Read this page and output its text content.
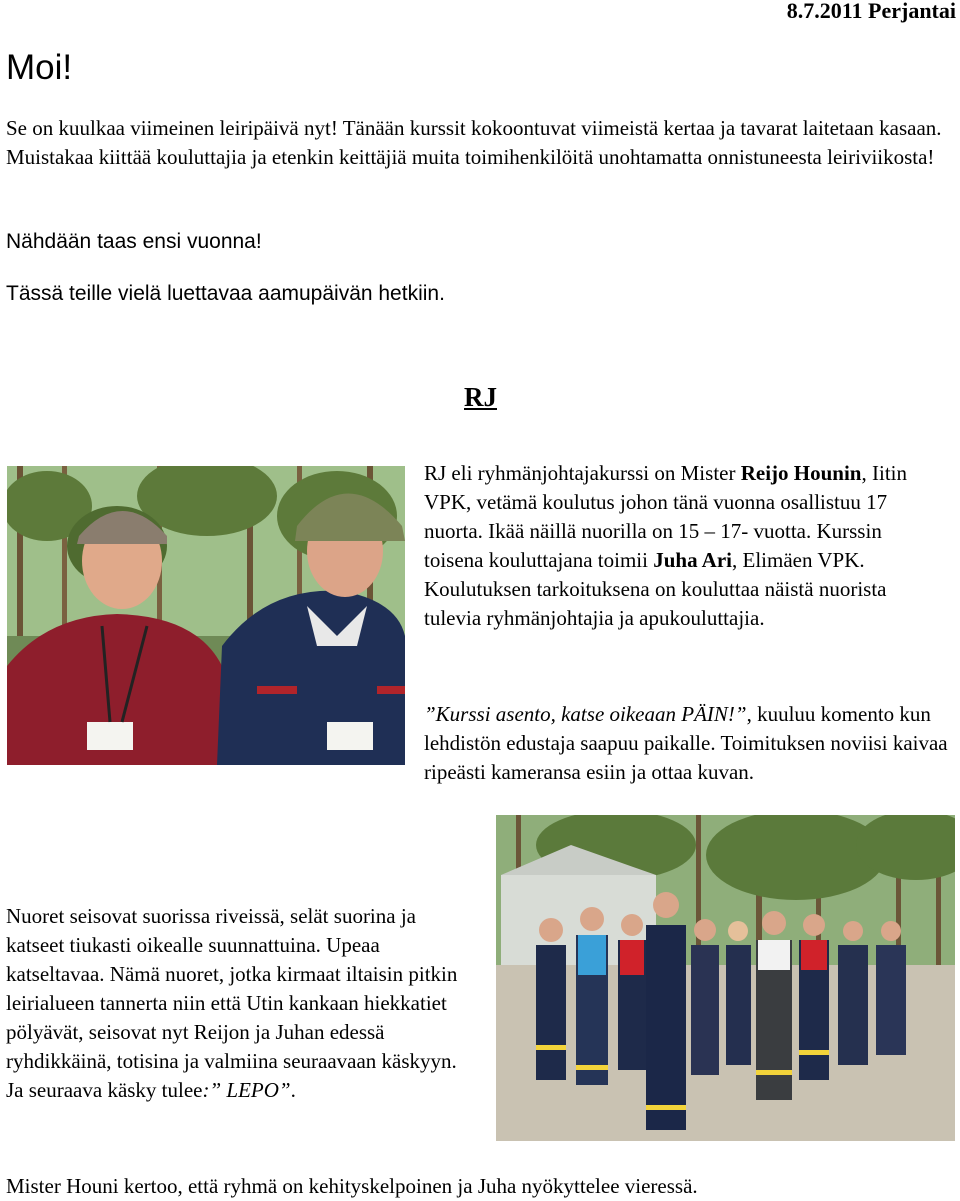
8.7.2011 Perjantai
Moi!

Se on kuulkaa viimeinen leiripäivä nyt! Tänään kurssit kokoontuvat viimeistä kertaa ja tavarat laitetaan kasaan. Muistakaa kiittää kouluttajia ja etenkin keittäjiä muita toimihenkilöitä unohtamatta onnistuneesta leiriviikosta!

Nähdään taas ensi vuonna!

Tässä teille vielä luettavaa aamupäivän hetkiin.

RJ

RJ eli ryhmänjohtajakurssi on Mister Reijo Hounin, Iitin VPK, vetämä koulutus johon tänä vuonna osallistuu 17 nuorta. Ikää näillä nuorilla on 15 – 17- vuotta. Kurssin toisena kouluttajana toimii Juha Ari, Elimäen VPK. Koulutuksen tarkoituksena on kouluttaa näistä nuorista tulevia ryhmänjohtajia ja apukouluttajia.

”Kurssi asento, katse oikeaan PÄIN!”, kuuluu komento kun lehdistön edustaja saapuu paikalle. Toimituksen noviisi kaivaa ripeästi kameransa esiin ja ottaa kuvan.

Nuoret seisovat suorissa riveissä, selät suorina ja katseet tiukasti oikealle suunnattuina. Upeaa katseltavaa. Nämä nuoret, jotka kirmaat iltaisin pitkin leirialueen tannerta niin että Utin kankaan hiekkatiet pölyävät, seisovat nyt Reijon ja Juhan edessä ryhdikkäinä, totisina ja valmiina seuraavaan käskyyn. Ja seuraava käsky tulee:” LEPO”.

Mister Houni kertoo, että ryhmä on kehityskelpoinen ja Juha nyökyttelee vieressä.
